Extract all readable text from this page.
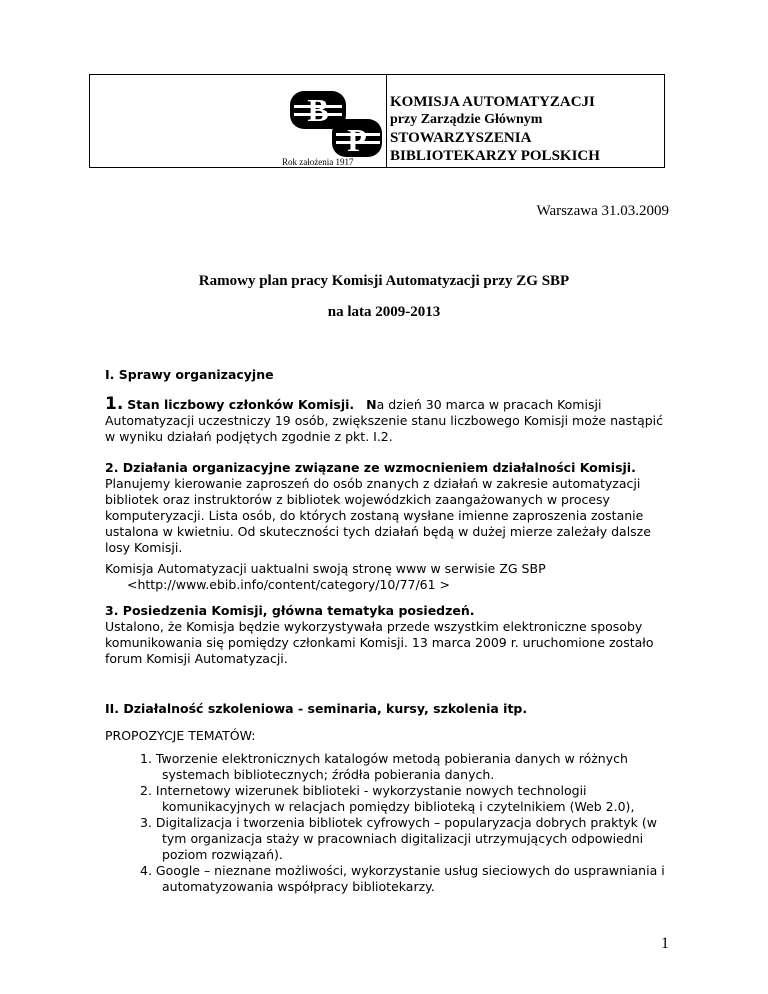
B
P
Rok założenia 1917
KOMISJA AUTOMATYZACJI
przy Zarządzie Głównym
STOWARZYSZENIA
BIBLIOTEKARZY POLSKICH
Warszawa 31.03.2009
Ramowy plan pracy Komisji Automatyzacji przy ZG SBP
na lata 2009-2013
I. Sprawy organizacyjne

1. Stan liczbowy członków Komisji. Na dzień 30 marca w pracach Komisji Automatyzacji uczestniczy 19 osób, zwiększenie stanu liczbowego Komisji może nastąpić w wyniku działań podjętych zgodnie z pkt. I.2.

2. Działania organizacyjne związane ze wzmocnieniem działalności Komisji.

Planujemy kierowanie zaproszeń do osób znanych z działań w zakresie automatyzacji bibliotek oraz instruktorów z bibliotek wojewódzkich zaangażowanych w procesy komputeryzacji. Lista osób, do których zostaną wysłane imienne zaproszenia zostanie ustalona w kwietniu. Od skuteczności tych działań będą w dużej mierze zależały dalsze losy Komisji.

Komisja Automatyzacji uaktualni swoją stronę www w serwisie ZG SBP

<http://www.ebib.info/content/category/10/77/61 >

3. Posiedzenia Komisji, główna tematyka posiedzeń.

Ustalono, że Komisja będzie wykorzystywała przede wszystkim elektroniczne sposoby komunikowania się pomiędzy członkami Komisji. 13 marca 2009 r. uruchomione zostało forum Komisji Automatyzacji.

II. Działalność szkoleniowa - seminaria, kursy, szkolenia itp.
PROPOZYCJE TEMATÓW:
1. Tworzenie elektronicznych katalogów metodą pobierania danych w różnych systemach bibliotecznych; źródła pobierania danych.
2. Internetowy wizerunek biblioteki - wykorzystanie nowych technologii komunikacyjnych w relacjach pomiędzy biblioteką i czytelnikiem (Web 2.0),
3. Digitalizacja i tworzenia bibliotek cyfrowych – popularyzacja dobrych praktyk (w tym organizacja staży w pracowniach digitalizacji utrzymujących odpowiedni poziom rozwiązań).
4. Google – nieznane możliwości, wykorzystanie usług sieciowych do usprawniania i automatyzowania współpracy bibliotekarzy.
1
